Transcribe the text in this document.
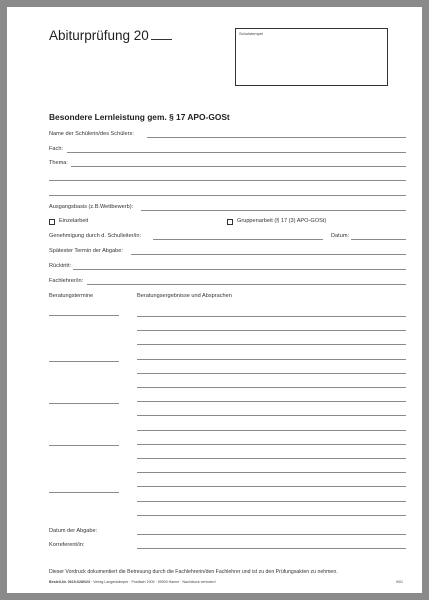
Abiturprüfung 20	Schulstempel
Besondere Lernleistung gem. § 17 APO-GOSt
Name der Schülerin/des Schülers:
Fach:
Thema:
Ausgangsbasis (z.B.Wettbewerb):
Einzelarbeit	Gruppenarbeit (§ 17 (3) APO-GOSt)
Genehmigung durch d. Schulleiter/in:	Datum:
Spätester Termin der Abgabe:
Rücktritt:
Fachlehrer/in:
Beratungstermine	Beratungsergebnisse und Absprachen
Datum der Abgabe:
Korreferent/in:
Dieser Vordruck dokumentiert die Betreuung durch die Fachlehrerin/den Fachlehrer und ist zu den Prüfungsakten zu nehmen.
Bestell-Nr. 0619-6280/23 · Verlag Langenkämper · Postfach 1909 · 59009 Hamm · Nachdruck verboten!	9/01
